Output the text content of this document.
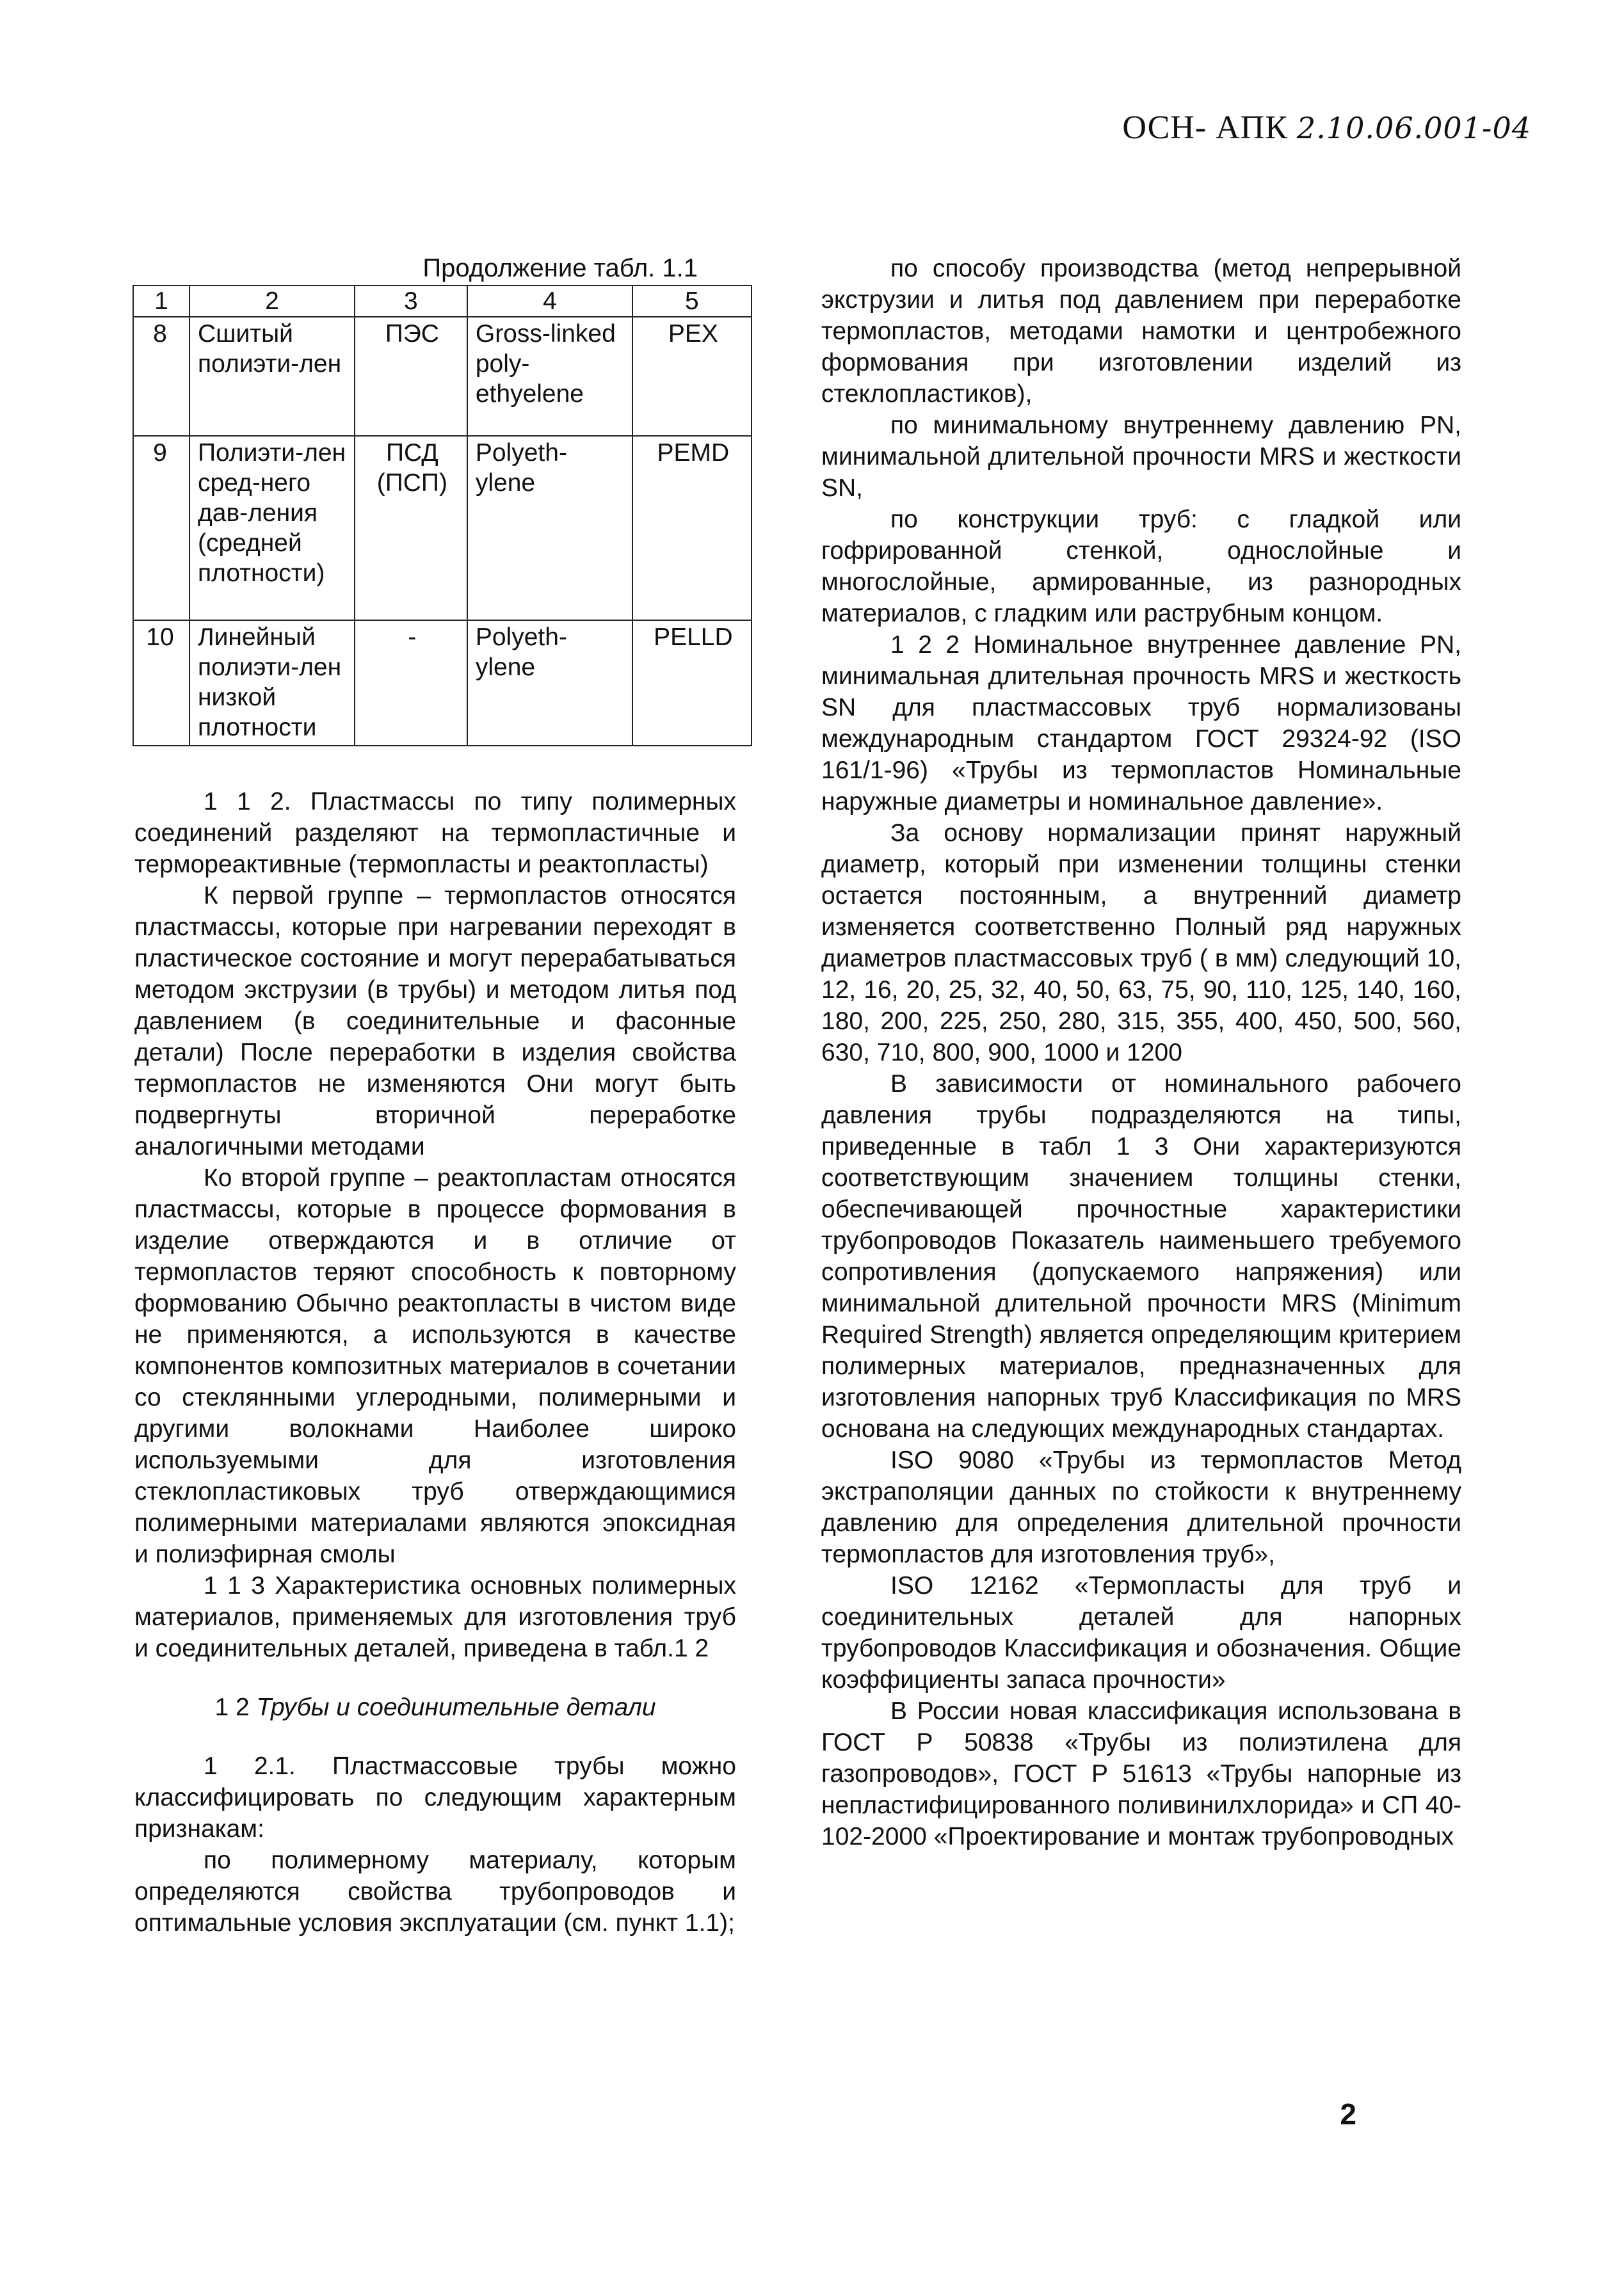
ОСН- АПК 2.10.06.001-04
Продолжение табл. 1.1
1	2	3	4	5
8	Сшитый полиэти-лен	ПЭС	Gross-linked poly-ethyelene	PEX
9	Полиэти-лен сред-него дав-ления (средней плотности)	ПСД (ПСП)	Polyeth-ylene	PEMD
10	Линейный полиэти-лен низкой плотности	-	Polyeth-ylene	PELLD

1 1 2. Пластмассы по типу полимерных соединений разделяют на термопластичные и термореактивные (термопласты и реактопласты)

К первой группе – термопластов относятся пластмассы, которые при нагревании переходят в пластическое состояние и могут перерабатываться методом экструзии (в трубы) и методом литья под давлением (в соединительные и фасонные детали) После переработки в изделия свойства термопластов не изменяются Они могут быть подвергнуты вторичной переработке аналогичными методами

Ко второй группе – реактопластам относятся пластмассы, которые в процессе формования в изделие отверждаются и в отличие от термопластов теряют способность к повторному формованию Обычно реактопласты в чистом виде не применяются, а используются в качестве компонентов композитных материалов в сочетании со стеклянными углеродными, полимерными и другими волокнами Наиболее широко используемыми для изготовления стеклопластиковых труб отверждающимися полимерными материалами являются эпоксидная и полиэфирная смолы

1 1 3 Характеристика основных полимерных материалов, применяемых для изготовления труб и соединительных деталей, приведена в табл.1 2

1 2 Трубы и соединительные детали

1 2.1. Пластмассовые трубы можно классифицировать по следующим характерным признакам:

по полимерному материалу, которым определяются свойства трубопроводов и оптимальные условия эксплуатации (см. пункт 1.1);

по способу производства (метод непрерывной экструзии и литья под давлением при переработке термопластов, методами намотки и центробежного формования при изготовлении изделий из стеклопластиков),

по минимальному внутреннему давлению PN, минимальной длительной прочности MRS и жесткости SN,

по конструкции труб: с гладкой или гофрированной стенкой, однослойные и многослойные, армированные, из разнородных материалов, с гладким или раструбным концом.

1 2 2 Номинальное внутреннее давление PN, минимальная длительная прочность MRS и жесткость SN для пластмассовых труб нормализованы международным стандартом ГОСТ 29324-92 (ISO 161/1-96) «Трубы из термопластов Номинальные наружные диаметры и номинальное давление».

За основу нормализации принят наружный диаметр, который при изменении толщины стенки остается постоянным, а внутренний диаметр изменяется соответственно Полный ряд наружных диаметров пластмассовых труб ( в мм) следующий 10, 12, 16, 20, 25, 32, 40, 50, 63, 75, 90, 110, 125, 140, 160, 180, 200, 225, 250, 280, 315, 355, 400, 450, 500, 560, 630, 710, 800, 900, 1000 и 1200

В зависимости от номинального рабочего давления трубы подразделяются на типы, приведенные в табл 1 3 Они характеризуются соответствующим значением толщины стенки, обеспечивающей прочностные характеристики трубопроводов Показатель наименьшего требуемого сопротивления (допускаемого напряжения) или минимальной длительной прочности MRS (Minimum Required Strength) является определяющим критерием полимерных материалов, предназначенных для изготовления напорных труб Классификация по MRS основана на следующих международных стандартах.

ISO 9080 «Трубы из термопластов Метод экстраполяции данных по стойкости к внутреннему давлению для определения длительной прочности термопластов для изготовления труб»,

ISO 12162 «Термопласты для труб и соединительных деталей для напорных трубопроводов Классификация и обозначения. Общие коэффициенты запаса прочности»

В России новая классификация использована в ГОСТ Р 50838 «Трубы из полиэтилена для газопроводов», ГОСТ Р 51613 «Трубы напорные из непластифицированного поливинилхлорида» и СП 40-102-2000 «Проектирование и монтаж трубопроводных

2
